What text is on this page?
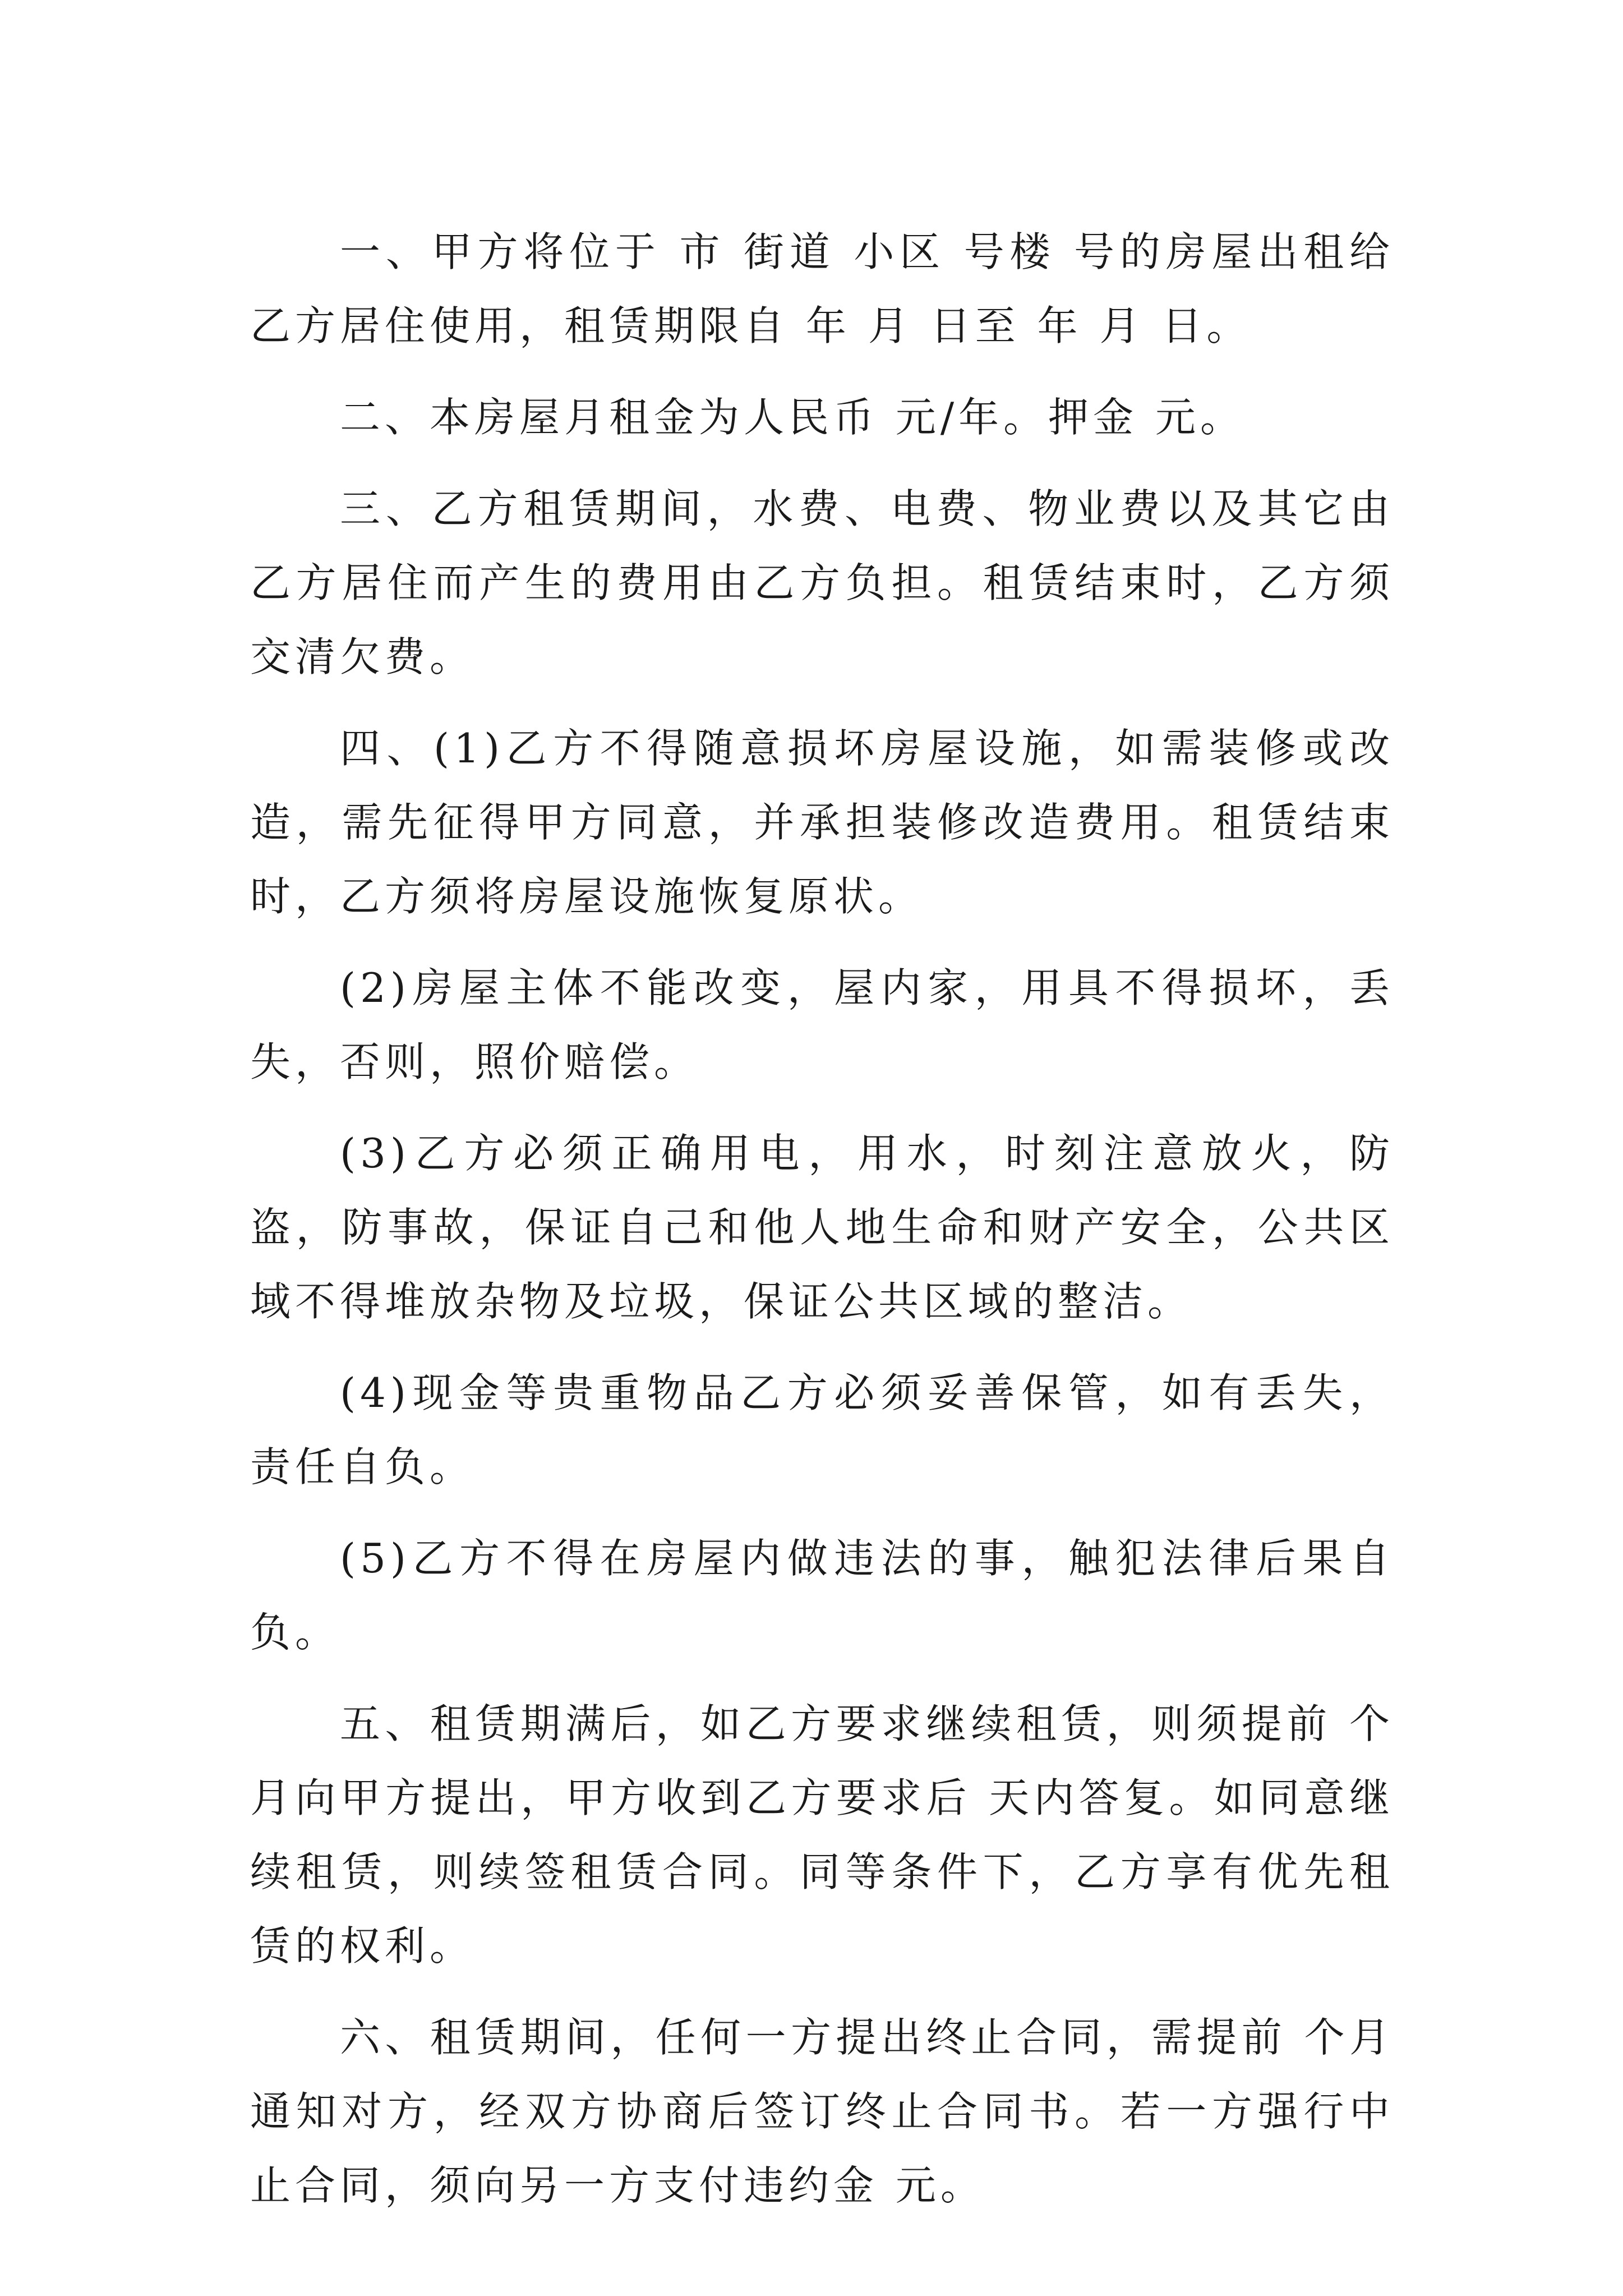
一、甲方将位于 市 街道 小区 号楼 号的房屋出租给乙方居住使用，租赁期限自 年 月 日至 年 月 日。

二、本房屋月租金为人民币 元/年。押金 元。

三、乙方租赁期间，水费、电费、物业费以及其它由乙方居住而产生的费用由乙方负担。租赁结束时，乙方须交清欠费。

四、(1)乙方不得随意损坏房屋设施，如需装修或改造，需先征得甲方同意，并承担装修改造费用。租赁结束时，乙方须将房屋设施恢复原状。

(2)房屋主体不能改变，屋内家，用具不得损坏，丢失，否则，照价赔偿。

(3)乙方必须正确用电，用水，时刻注意放火，防盗，防事故，保证自己和他人地生命和财产安全，公共区域不得堆放杂物及垃圾，保证公共区域的整洁。

(4)现金等贵重物品乙方必须妥善保管，如有丢失，责任自负。

(5)乙方不得在房屋内做违法的事，触犯法律后果自负。

五、租赁期满后，如乙方要求继续租赁，则须提前 个月向甲方提出，甲方收到乙方要求后 天内答复。如同意继续租赁，则续签租赁合同。同等条件下，乙方享有优先租赁的权利。

六、租赁期间，任何一方提出终止合同，需提前 个月通知对方，经双方协商后签订终止合同书。若一方强行中止合同，须向另一方支付违约金 元。
